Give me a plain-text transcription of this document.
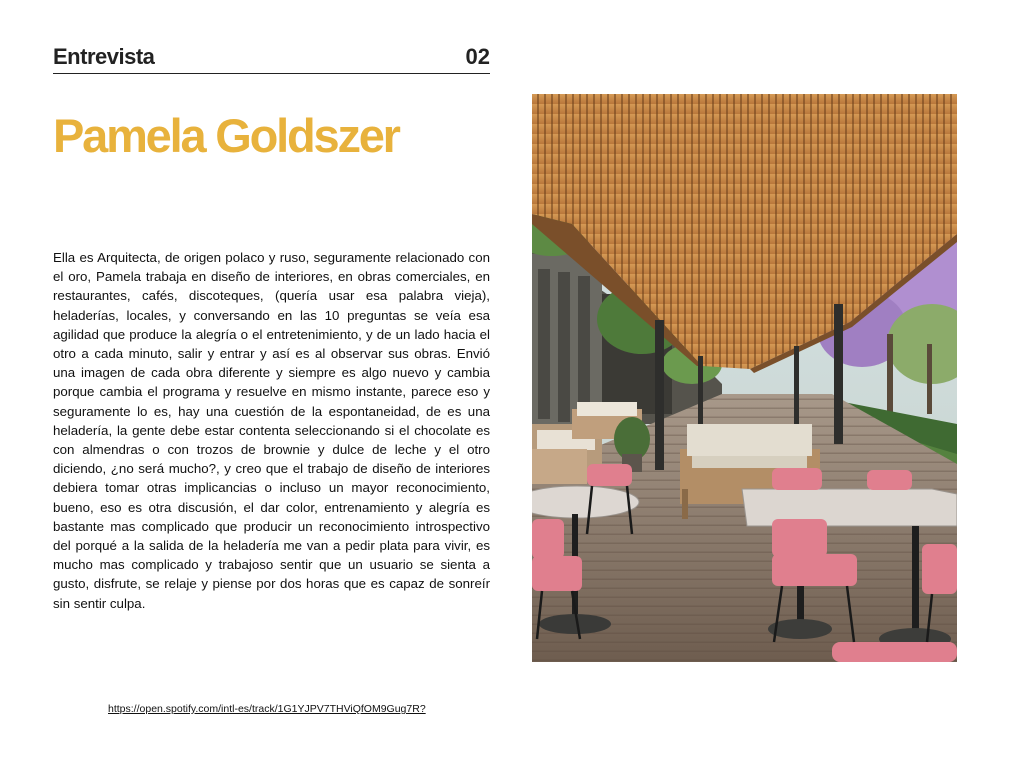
Entrevista	02
Pamela Goldszer

Ella es Arquitecta, de origen polaco y ruso, seguramente relacionado con el oro, Pamela trabaja en diseño de interiores, en obras comerciales, en restaurantes, cafés, discoteques, (quería usar esa palabra vieja), heladerías, locales, y conversando en las 10 preguntas se veía esa agilidad que produce la alegría o el entretenimiento, y de un lado hacia el otro a cada minuto, salir y entrar y así es al observar sus obras. Envió una imagen de cada obra diferente y siempre es algo nuevo y cambia porque cambia el programa y resuelve en mismo instante, parece eso y seguramente lo es, hay una cuestión de la espontaneidad, de es una heladería, la gente debe estar contenta seleccionando si el chocolate es con almendras o con trozos de brownie y dulce de leche y el otro diciendo, ¿no será mucho?, y creo que el trabajo de diseño de interiores debiera tomar otras implicancias o incluso un mayor reconocimiento, bueno, eso es otra discusión, el dar color, entrenamiento y alegría es bastante mas complicado que producir un reconocimiento introspectivo del porqué a la salida de la heladería me van a pedir plata para vivir, es mucho mas complicado y trabajoso sentir que un usuario se sienta a gusto, disfrute, se relaje y piense por dos horas que es capaz de sonreír sin sentir culpa.

https://open.spotify.com/intl-es/track/1G1YJPV7THViQfOM9Gug7R?
